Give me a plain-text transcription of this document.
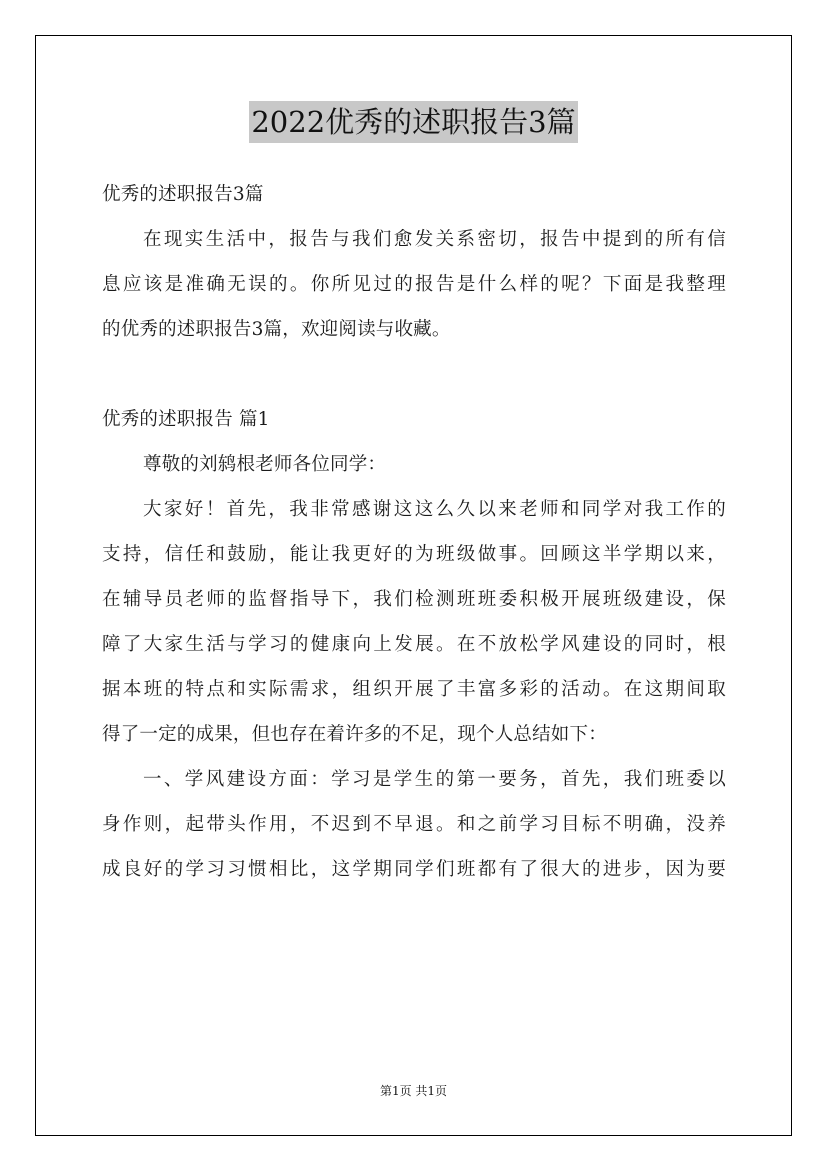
2022优秀的述职报告3篇
优秀的述职报告3篇
在现实生活中，报告与我们愈发关系密切，报告中提到的所有信
息应该是准确无误的。你所见过的报告是什么样的呢？下面是我整理
的优秀的述职报告3篇，欢迎阅读与收藏。
优秀的述职报告 篇1
尊敬的刘鸫根老师各位同学：
大家好！首先，我非常感谢这这么久以来老师和同学对我工作的
支持，信任和鼓励，能让我更好的为班级做事。回顾这半学期以来，
在辅导员老师的监督指导下，我们检测班班委积极开展班级建设，保
障了大家生活与学习的健康向上发展。在不放松学风建设的同时，根
据本班的特点和实际需求，组织开展了丰富多彩的活动。在这期间取
得了一定的成果，但也存在着许多的不足，现个人总结如下：
一、学风建设方面：学习是学生的第一要务，首先，我们班委以
身作则，起带头作用，不迟到不早退。和之前学习目标不明确，没养
成良好的学习习惯相比，这学期同学们班都有了很大的进步，因为要
第1页 共1页
